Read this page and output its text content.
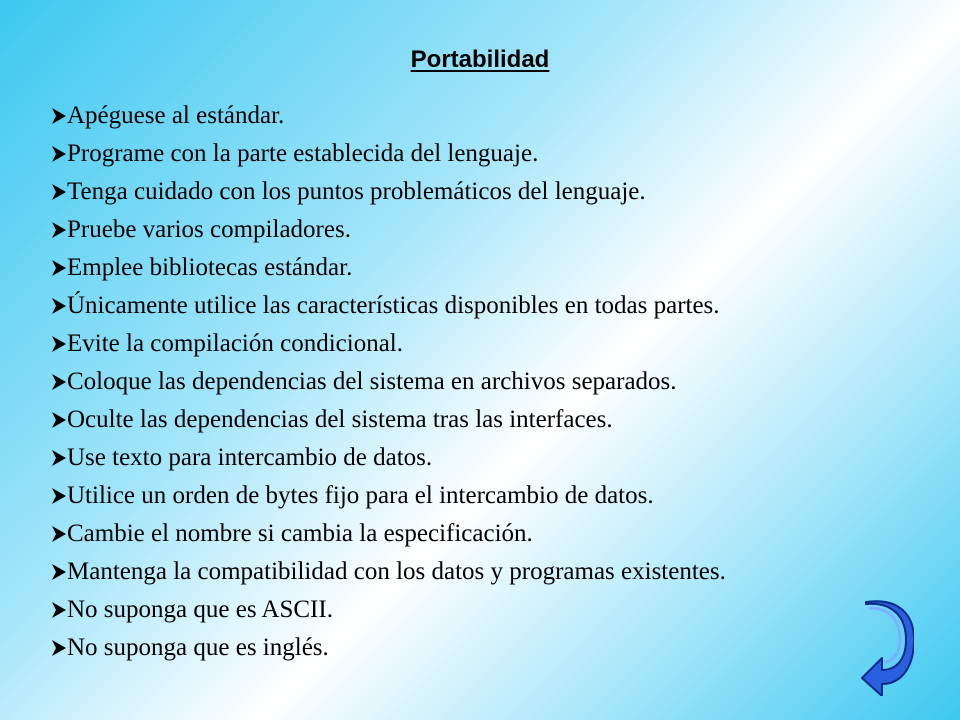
Portabilidad
Apéguese al estándar.
Programe con la parte establecida del lenguaje.
Tenga cuidado con los puntos problemáticos del lenguaje.
Pruebe varios compiladores.
Emplee bibliotecas estándar.
Únicamente utilice las características disponibles en todas partes.
Evite la compilación condicional.
Coloque las dependencias del sistema en archivos separados.
Oculte las dependencias del sistema tras las interfaces.
Use texto para intercambio de datos.
Utilice un orden de bytes fijo para el intercambio de datos.
Cambie el nombre si cambia la especificación.
Mantenga la compatibilidad con los datos y programas existentes.
No suponga que es ASCII.
No suponga que es inglés.
